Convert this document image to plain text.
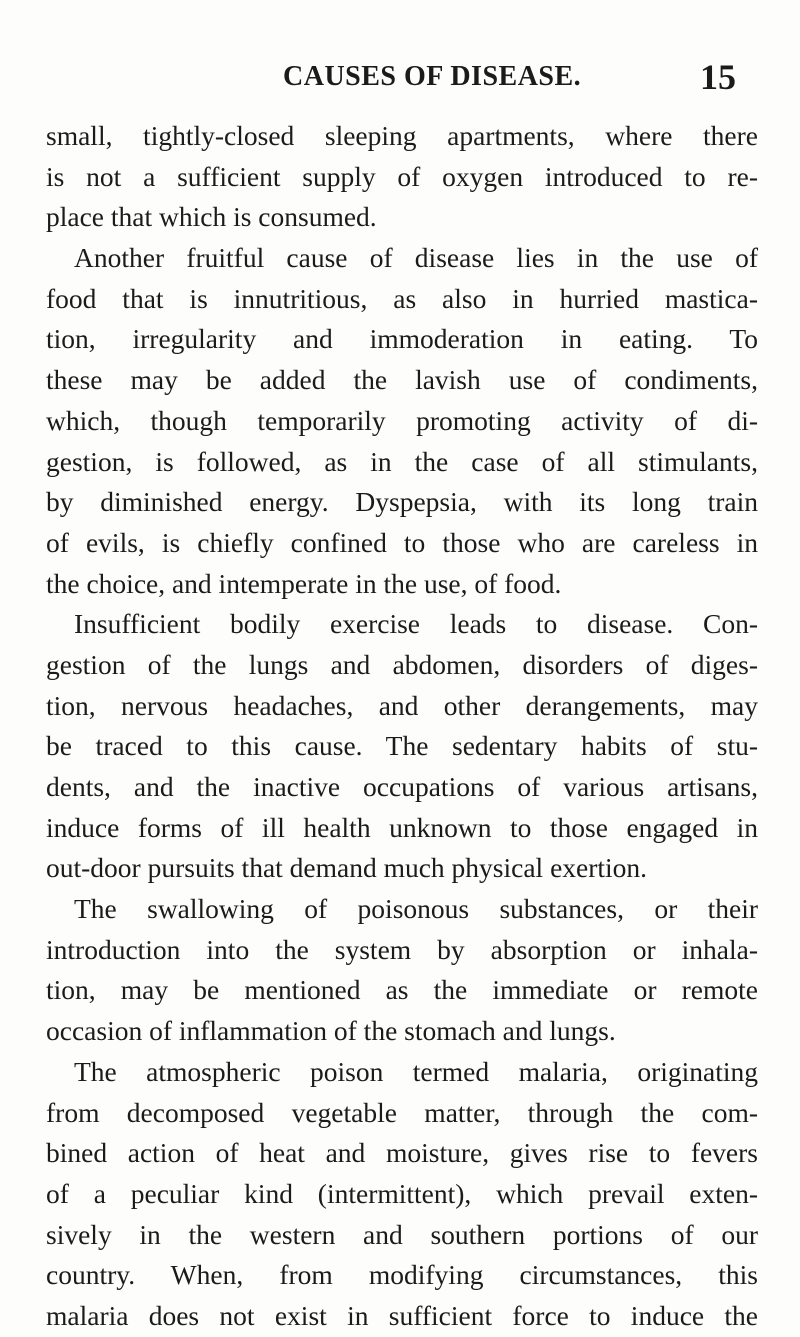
CAUSES OF DISEASE.	15
small, tightly-closed sleeping apartments, where there
is not a sufficient supply of oxygen introduced to re-
place that which is consumed.
Another fruitful cause of disease lies in the use of
food that is innutritious, as also in hurried mastica-
tion, irregularity and immoderation in eating. To
these may be added the lavish use of condiments,
which, though temporarily promoting activity of di-
gestion, is followed, as in the case of all stimulants,
by diminished energy. Dyspepsia, with its long train
of evils, is chiefly confined to those who are careless in
the choice, and intemperate in the use, of food.
Insufficient bodily exercise leads to disease. Con-
gestion of the lungs and abdomen, disorders of diges-
tion, nervous headaches, and other derangements, may
be traced to this cause. The sedentary habits of stu-
dents, and the inactive occupations of various artisans,
induce forms of ill health unknown to those engaged in
out-door pursuits that demand much physical exertion.
The swallowing of poisonous substances, or their
introduction into the system by absorption or inhala-
tion, may be mentioned as the immediate or remote
occasion of inflammation of the stomach and lungs.
The atmospheric poison termed malaria, originating
from decomposed vegetable matter, through the com-
bined action of heat and moisture, gives rise to fevers
of a peculiar kind (intermittent), which prevail exten-
sively in the western and southern portions of our
country. When, from modifying circumstances, this
malaria does not exist in sufficient force to induce the
